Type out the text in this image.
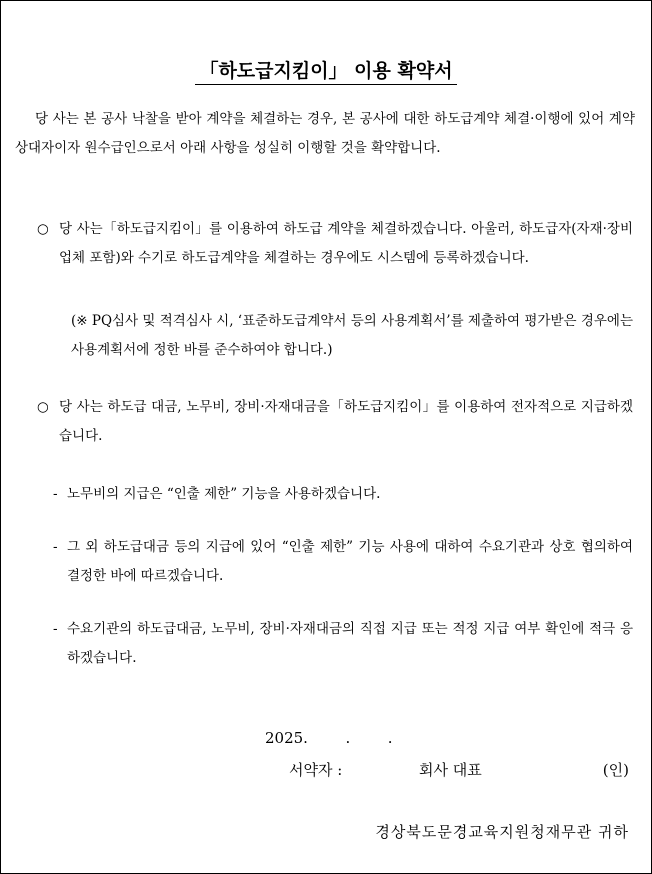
「하도급지킴이」 이용 확약서

당 사는 본 공사 낙찰을 받아 계약을 체결하는 경우, 본 공사에 대한 하도급계약 체결·이행에 있어 계약상대자이자 원수급인으로서 아래 사항을 성실히 이행할 것을 확약합니다.

○ 당 사는「하도급지킴이」를 이용하여 하도급 계약을 체결하겠습니다. 아울러, 하도급자(자재·장비업체 포함)와 수기로 하도급계약을 체결하는 경우에도 시스템에 등록하겠습니다.

(※ PQ심사 및 적격심사 시, ‘표준하도급계약서 등의 사용계획서’를 제출하여 평가받은 경우에는 사용계획서에 정한 바를 준수하여야 합니다.)

○ 당 사는 하도급 대금, 노무비, 장비·자재대금을「하도급지킴이」를 이용하여 전자적으로 지급하겠습니다.
- 노무비의 지급은 “인출 제한” 기능을 사용하겠습니다.
- 그 외 하도급대금 등의 지급에 있어 “인출 제한” 기능 사용에 대하여 수요기관과 상호 협의하여 결정한 바에 따르겠습니다.
- 수요기관의 하도급대금, 노무비, 장비·자재대금의 직접 지급 또는 적정 지급 여부 확인에 적극 응하겠습니다.
2025.  .  .
서약자 :	회사 대표	(인)
경상북도문경교육지원청재무관 귀하
